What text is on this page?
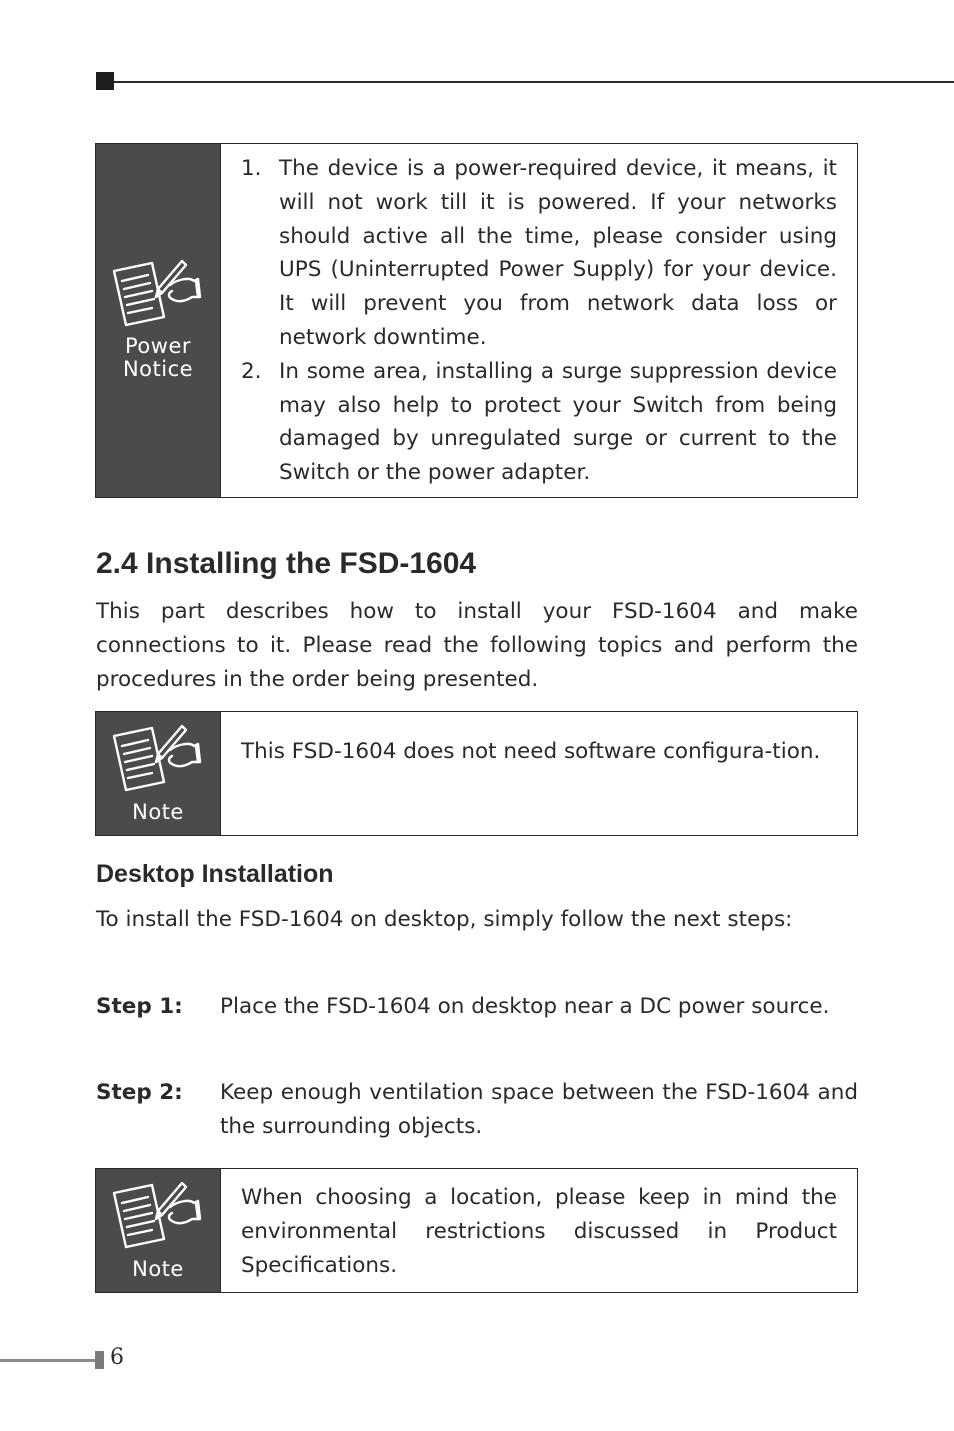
Power
Notice
1. The device is a power-required device, it means, it will not work till it is powered. If your networks should active all the time, please consider using UPS (Uninterrupted Power Supply) for your device. It will prevent you from network data loss or network downtime.
2. In some area, installing a surge suppression device may also help to protect your Switch from being damaged by unregulated surge or current to the Switch or the power adapter.
2.4 Installing the FSD-1604

This part describes how to install your FSD-1604 and make connections to it. Please read the following topics and perform the procedures in the order being presented.

Note
This FSD-1604 does not need software configura-tion.
Desktop Installation

To install the FSD-1604 on desktop, simply follow the next steps:

Step 1:	Place the FSD-1604 on desktop near a DC power source.
Step 2:	Keep enough ventilation space between the FSD-1604 and the surrounding objects.
Note
When choosing a location, please keep in mind the environmental restrictions discussed in Product Specifications.
6
